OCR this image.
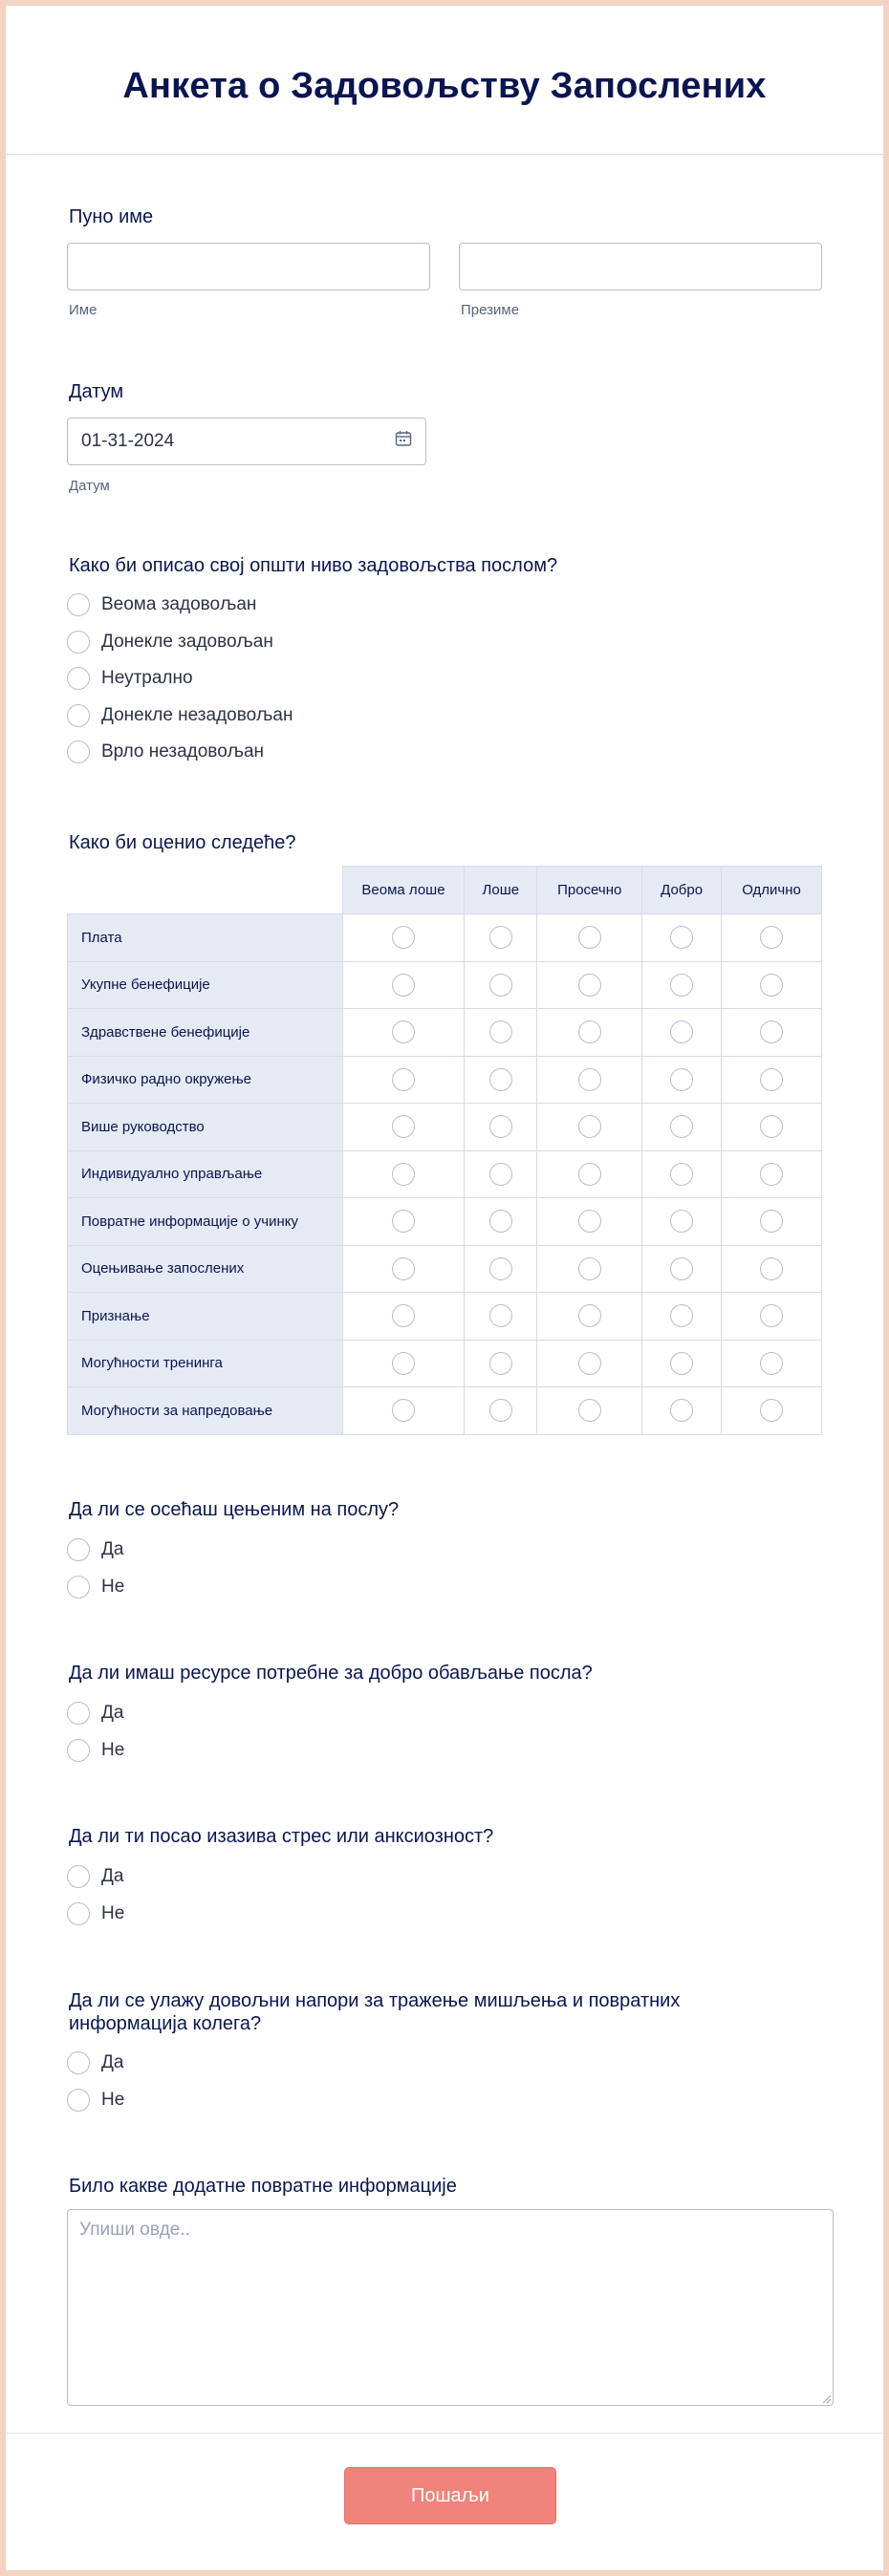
Анкета о Задовољству Запослених
Пуно име
Име	Презиме
Датум
01-31-2024
Датум
Како би описао свој општи ниво задовољства послом?
Веома задовољан
Донекле задовољан
Неутрално
Донекле незадовољан
Врло незадовољан
Како би оценио следеће?
	Веома лоше	Лоше	Просечно	Добро	Одлично
Плата					
Укупне бенефиције					
Здравствене бенефиције					
Физичко радно окружење					
Више руководство					
Индивидуално управљање					
Повратне информације о учинку					
Оцењивање запослених					
Признање					
Могућности тренинга					
Могућности за напредовање					
Да ли се осећаш цењеним на послу?
Да
Не
Да ли имаш ресурсе потребне за добро обављање посла?
Да
Не
Да ли ти посао изазива стрес или анксиозност?
Да
Не
Да ли се улажу довољни напори за тражење мишљења и повратних
информација колега?
Да
Не
Било какве додатне повратне информације
Упиши овде..
Пошаљи
